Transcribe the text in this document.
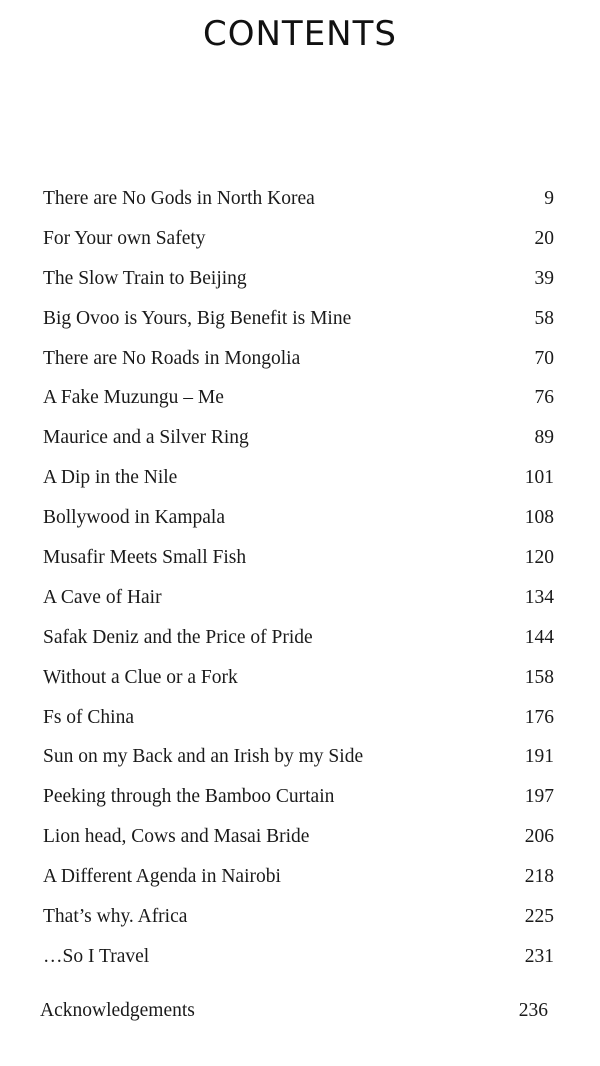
CONTENTS
There are No Gods in North Korea	9
For Your own Safety	20
The Slow Train to Beijing	39
Big Ovoo is Yours, Big Benefit is Mine	58
There are No Roads in Mongolia	70
A Fake Muzungu – Me	76
Maurice and a Silver Ring	89
A Dip in the Nile	101
Bollywood in Kampala	108
Musafir Meets Small Fish	120
A Cave of Hair	134
Safak Deniz and the Price of Pride	144
Without a Clue or a Fork	158
Fs of China	176
Sun on my Back and an Irish by my Side	191
Peeking through the Bamboo Curtain	197
Lion head, Cows and Masai Bride	206
A Different Agenda in Nairobi	218
That’s why. Africa	225
…So I Travel	231
Acknowledgements	236
